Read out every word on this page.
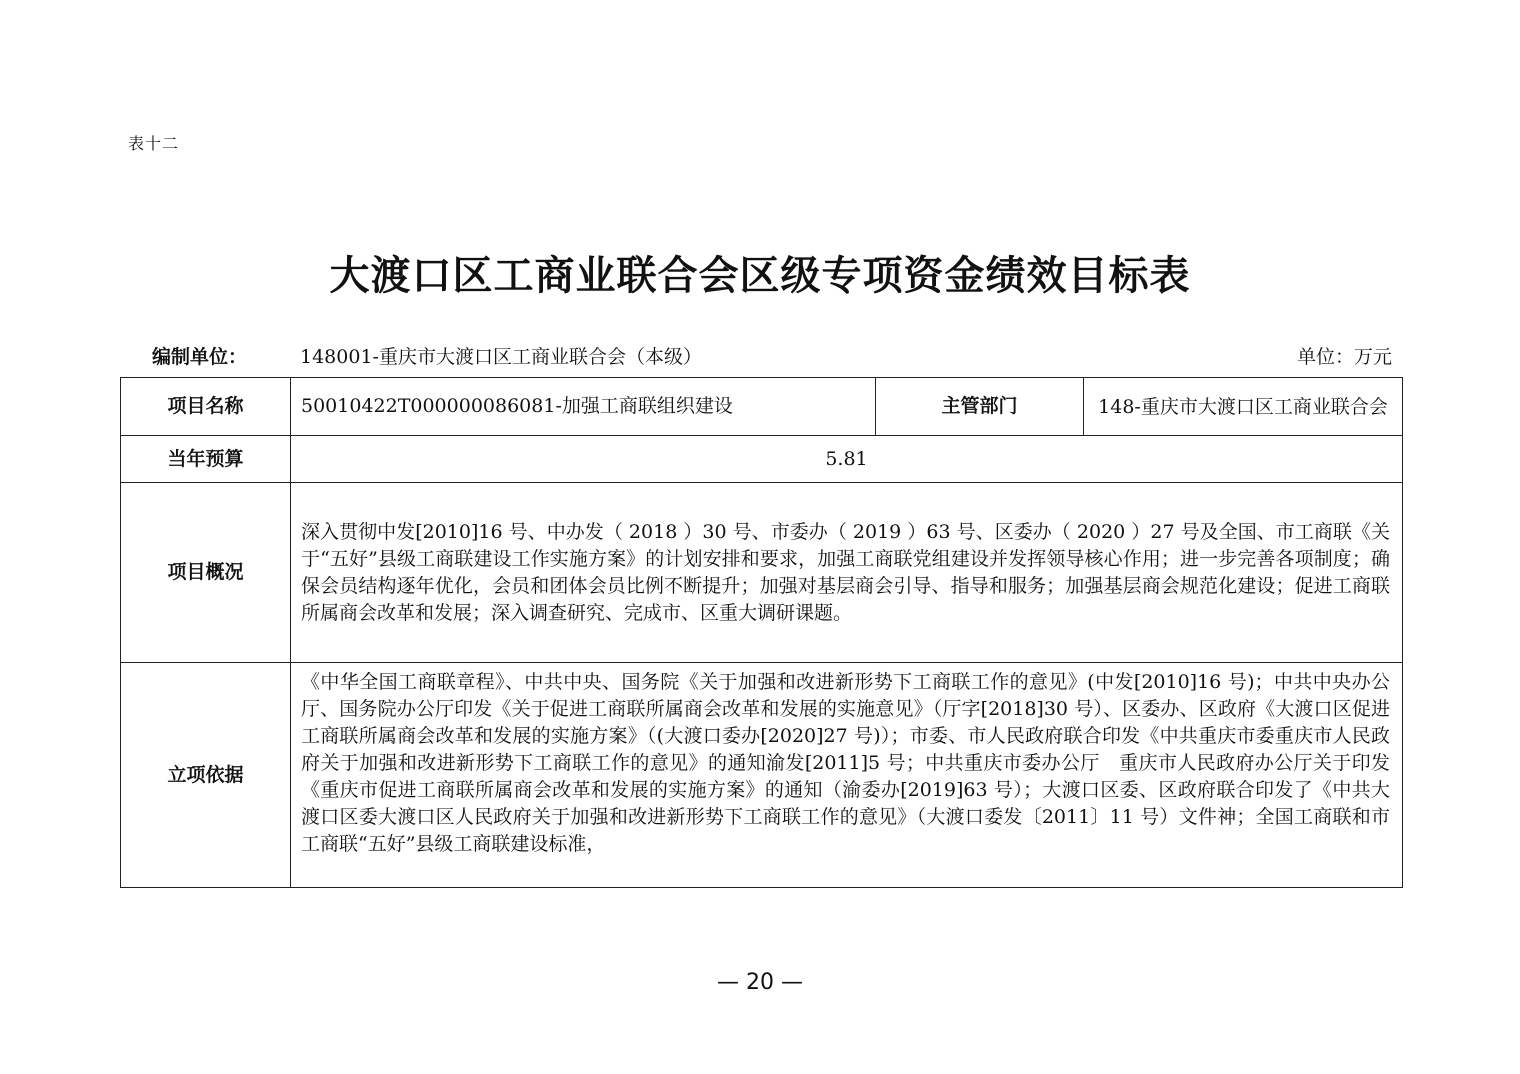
表十二
大渡口区工商业联合会区级专项资金绩效目标表
编制单位：	148001-重庆市大渡口区工商业联合会（本级）	单位：万元
项目名称	50010422T000000086081-加强工商联组织建设	主管部门	148-重庆市大渡口区工商业联合会
当年预算	5.81		
项目概况	深入贯彻中发[2010]16 号、中办发（ 2018 ）30 号、市委办（ 2019 ）63 号、区委办（ 2020 ）27 号及全国、市工商联《关于“五好”县级工商联建设工作实施方案》的计划安排和要求，加强工商联党组建设并发挥领导核心作用；进一步完善各项制度；确保会员结构逐年优化，会员和团体会员比例不断提升；加强对基层商会引导、指导和服务；加强基层商会规范化建设；促进工商联所属商会改革和发展；深入调查研究、完成市、区重大调研课题。		
立项依据	《中华全国工商联章程》、中共中央、国务院《关于加强和改进新形势下工商联工作的意见》(中发[2010]16 号)；中共中央办公厅、国务院办公厅印发《关于促进工商联所属商会改革和发展的实施意见》（厅字[2018]30 号）、区委办、区政府《大渡口区促进工商联所属商会改革和发展的实施方案》（(大渡口委办[2020]27 号)）；市委、市人民政府联合印发《中共重庆市委重庆市人民政府关于加强和改进新形势下工商联工作的意见》的通知渝发[2011]5 号；中共重庆市委办公厅　重庆市人民政府办公厅关于印发《重庆市促进工商联所属商会改革和发展的实施方案》的通知（渝委办[2019]63 号）；大渡口区委、区政府联合印发了《中共大渡口区委大渡口区人民政府关于加强和改进新形势下工商联工作的意见》（大渡口委发〔2011〕11 号）文件神；全国工商联和市工商联“五好”县级工商联建设标准，		
— 20 —
